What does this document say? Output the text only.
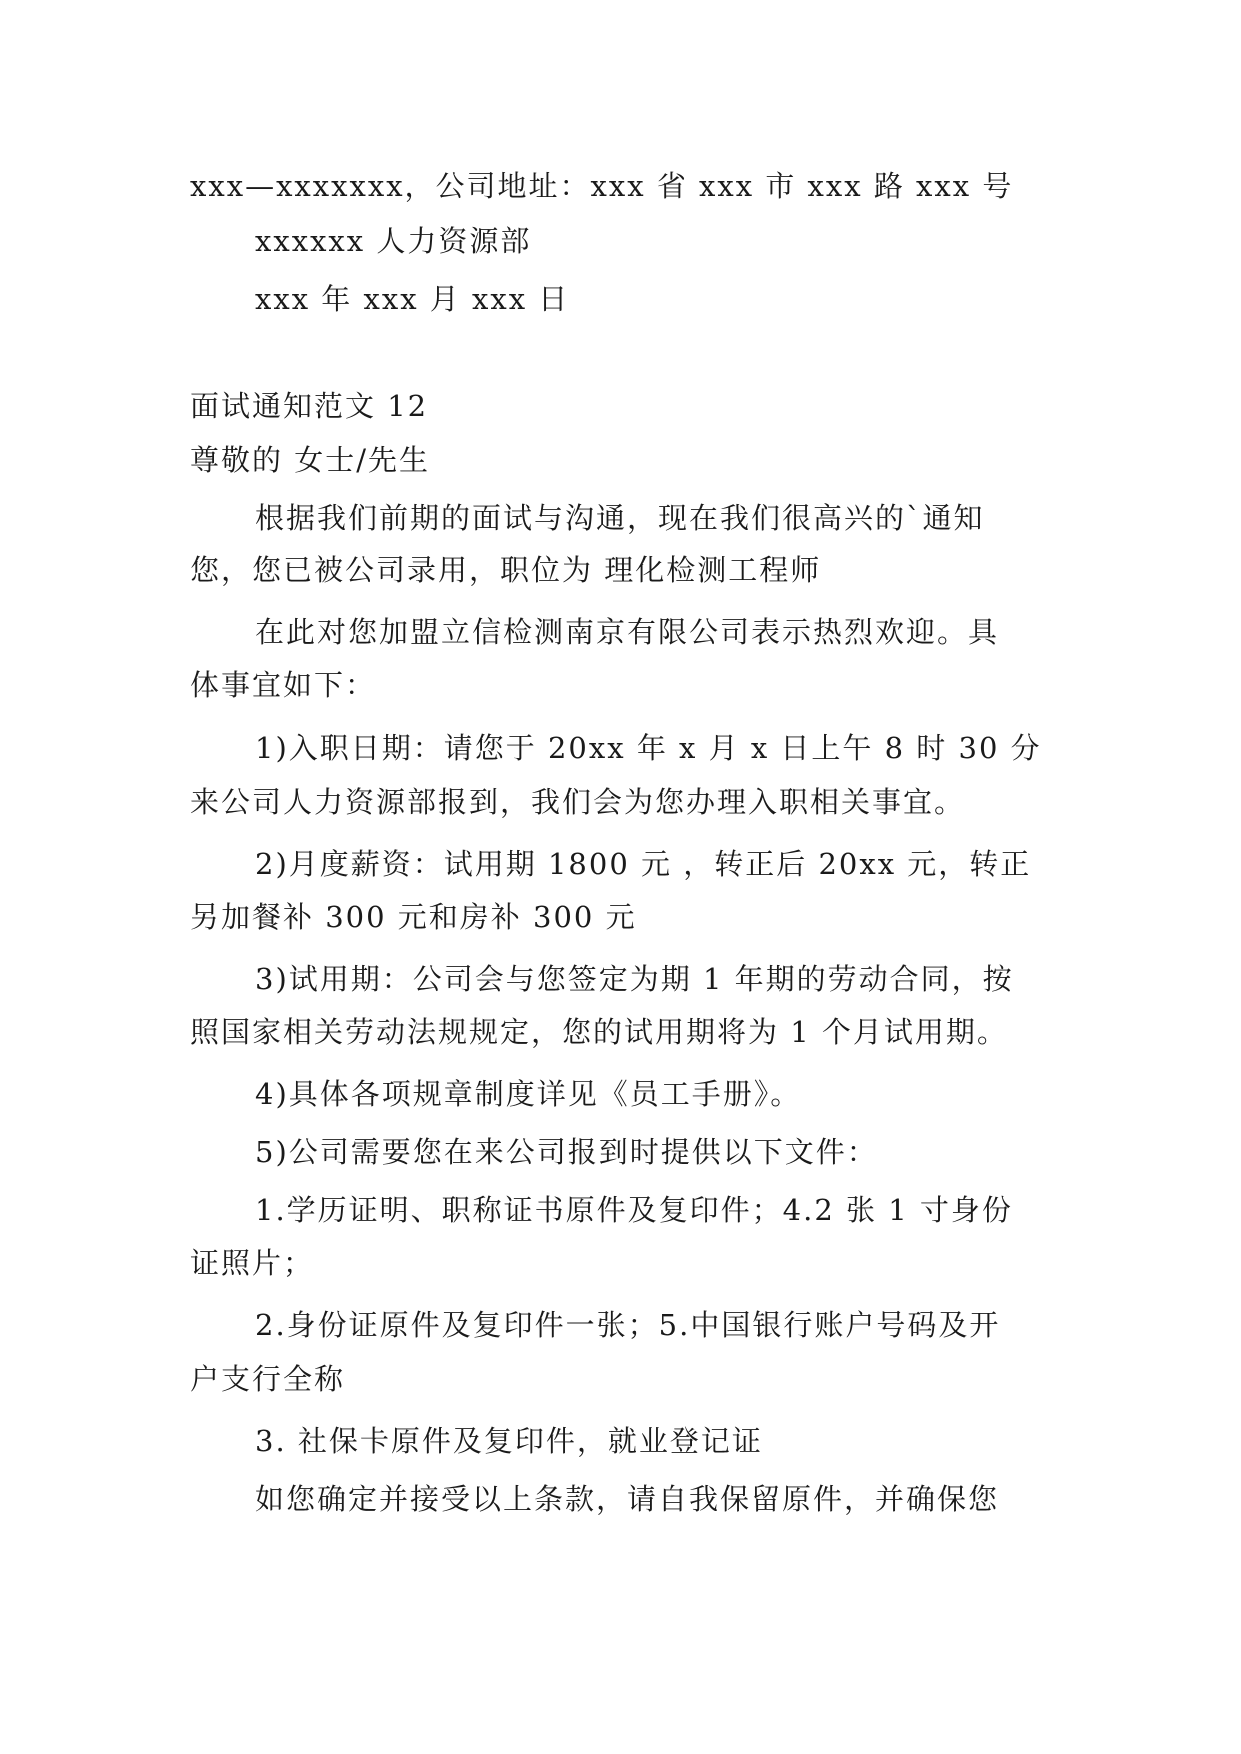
xxx—xxxxxxx，公司地址：xxx 省 xxx 市 xxx 路 xxx 号
xxxxxx 人力资源部
xxx 年 xxx 月 xxx 日
面试通知范文 12
尊敬的 女士/先生
根据我们前期的面试与沟通，现在我们很高兴的`通知
您，您已被公司录用，职位为 理化检测工程师
在此对您加盟立信检测南京有限公司表示热烈欢迎。具
体事宜如下：
1)入职日期：请您于 20xx 年 x 月 x 日上午 8 时 30 分
来公司人力资源部报到，我们会为您办理入职相关事宜。
2)月度薪资：试用期 1800 元 ，转正后 20xx 元，转正
另加餐补 300 元和房补 300 元
3)试用期：公司会与您签定为期 1 年期的劳动合同，按
照国家相关劳动法规规定，您的试用期将为 1 个月试用期。
4)具体各项规章制度详见《员工手册》。
5)公司需要您在来公司报到时提供以下文件：
1.学历证明、职称证书原件及复印件；4.2 张 1 寸身份
证照片；
2.身份证原件及复印件一张；5.中国银行账户号码及开
户支行全称
3. 社保卡原件及复印件，就业登记证
如您确定并接受以上条款，请自我保留原件，并确保您
